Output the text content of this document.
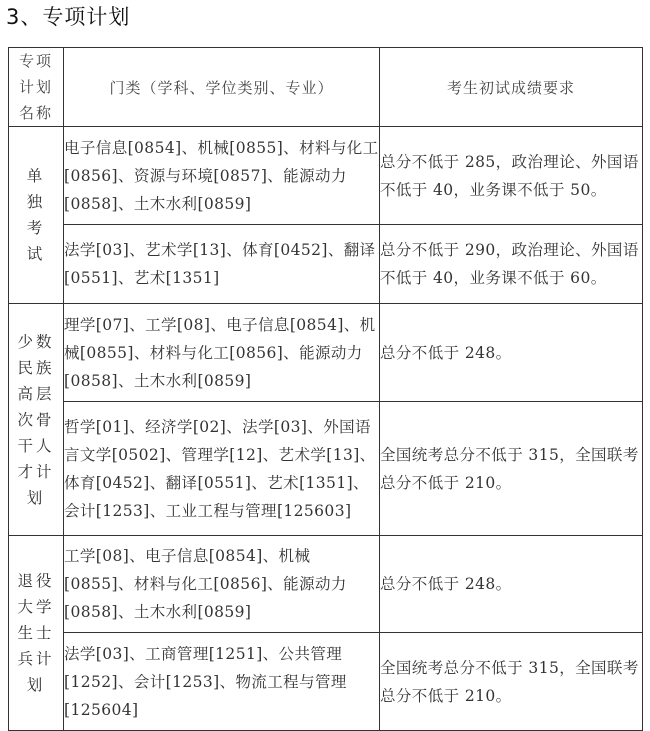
3、专项计划
专项计划名称	门类（学科、学位类别、专业）	考生初试成绩要求
单独考试	电子信息[0854]、机械[0855]、材料与化工[0856]、资源与环境[0857]、能源动力[0858]、土木水利[0859]	总分不低于 285，政治理论、外国语不低于 40，业务课不低于 50。
	法学[03]、艺术学[13]、体育[0452]、翻译[0551]、艺术[1351]	总分不低于 290，政治理论、外国语不低于 40，业务课不低于 60。
少数民族高层次骨干人才计划	理学[07]、工学[08]、电子信息[0854]、机械[0855]、材料与化工[0856]、能源动力[0858]、土木水利[0859]	总分不低于 248。
	哲学[01]、经济学[02]、法学[03]、外国语言文学[0502]、管理学[12]、艺术学[13]、体育[0452]、翻译[0551]、艺术[1351]、会计[1253]、工业工程与管理[125603]	全国统考总分不低于 315，全国联考总分不低于 210。
退役大学生士兵计划	工学[08]、电子信息[0854]、机械[0855]、材料与化工[0856]、能源动力[0858]、土木水利[0859]	总分不低于 248。
	法学[03]、工商管理[1251]、公共管理[1252]、会计[1253]、物流工程与管理[125604]	全国统考总分不低于 315，全国联考总分不低于 210。
